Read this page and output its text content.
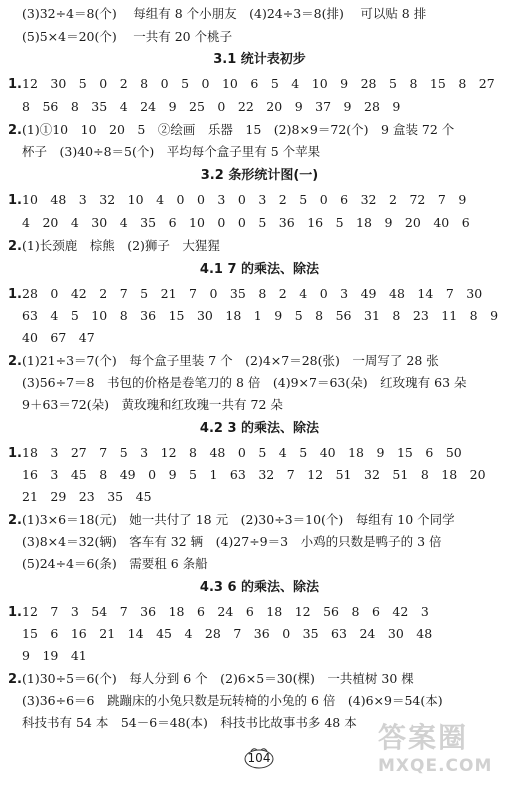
(3)32÷4＝8(个)　 每组有 8 个小朋友　(4)24÷3＝8(排)　 可以贴 8 排
(5)5×4＝20(个)　 一共有 20 个桃子
3.1 统计表初步
1.12　30　5　0　2　8　0　5　0　10　6　5　4　10　9　28　5　8　15　8　27
8　56　8　35　4　24　9　25　0　22　20　9　37　9　28　9
2.(1)①10　10　20　5　②绘画　乐器　15　(2)8×9＝72(个)　9 盒装 72 个
杯子　(3)40÷8＝5(个)　平均每个盒子里有 5 个苹果
3.2 条形统计图(一)
1.10　48　3　32　10　4　0　0　3　0　3　2　5　0　6　32　2　72　7　9
4　20　4　30　4　35　6　10　0　0　5　36　16　5　18　9　20　40　6
2.(1)长颈鹿　棕熊　(2)狮子　大猩猩
4.1 7 的乘法、除法
1.28　0　42　2　7　5　21　7　0　35　8　2　4　0　3　49　48　14　7　30
63　4　5　10　8　36　15　30　18　1　9　5　8　56　31　8　23　11　8　9
40　67　47
2.(1)21÷3＝7(个)　每个盒子里装 7 个　(2)4×7＝28(张)　一周写了 28 张
(3)56÷7＝8　书包的价格是卷笔刀的 8 倍　(4)9×7＝63(朵)　红玫瑰有 63 朵
9＋63＝72(朵)　黄玫瑰和红玫瑰一共有 72 朵
4.2 3 的乘法、除法
1.18　3　27　7　5　3　12　8　48　0　5　4　5　40　18　9　15　6　50
16　3　45　8　49　0　9　5　1　63　32　7　12　51　32　51　8　18　20
21　29　23　35　45
2.(1)3×6＝18(元)　她一共付了 18 元　(2)30÷3＝10(个)　每组有 10 个同学
(3)8×4＝32(辆)　客车有 32 辆　(4)27÷9＝3　小鸡的只数是鸭子的 3 倍
(5)24÷4＝6(条)　需要租 6 条船
4.3 6 的乘法、除法
1.12　7　3　54　7　36　18　6　24　6　18　12　56　8　6　42　3
15　6　16　21　14　45　4　28　7　36　0　35　63　24　30　48
9　19　41
2.(1)30÷5＝6(个)　每人分到 6 个　(2)6×5＝30(棵)　一共植树 30 棵
(3)36÷6＝6　跳蹦床的小兔只数是玩转椅的小兔的 6 倍　(4)6×9＝54(本)
科技书有 54 本　54－6＝48(本)　科技书比故事书多 48 本 答案圈
MXQE.COM
104
